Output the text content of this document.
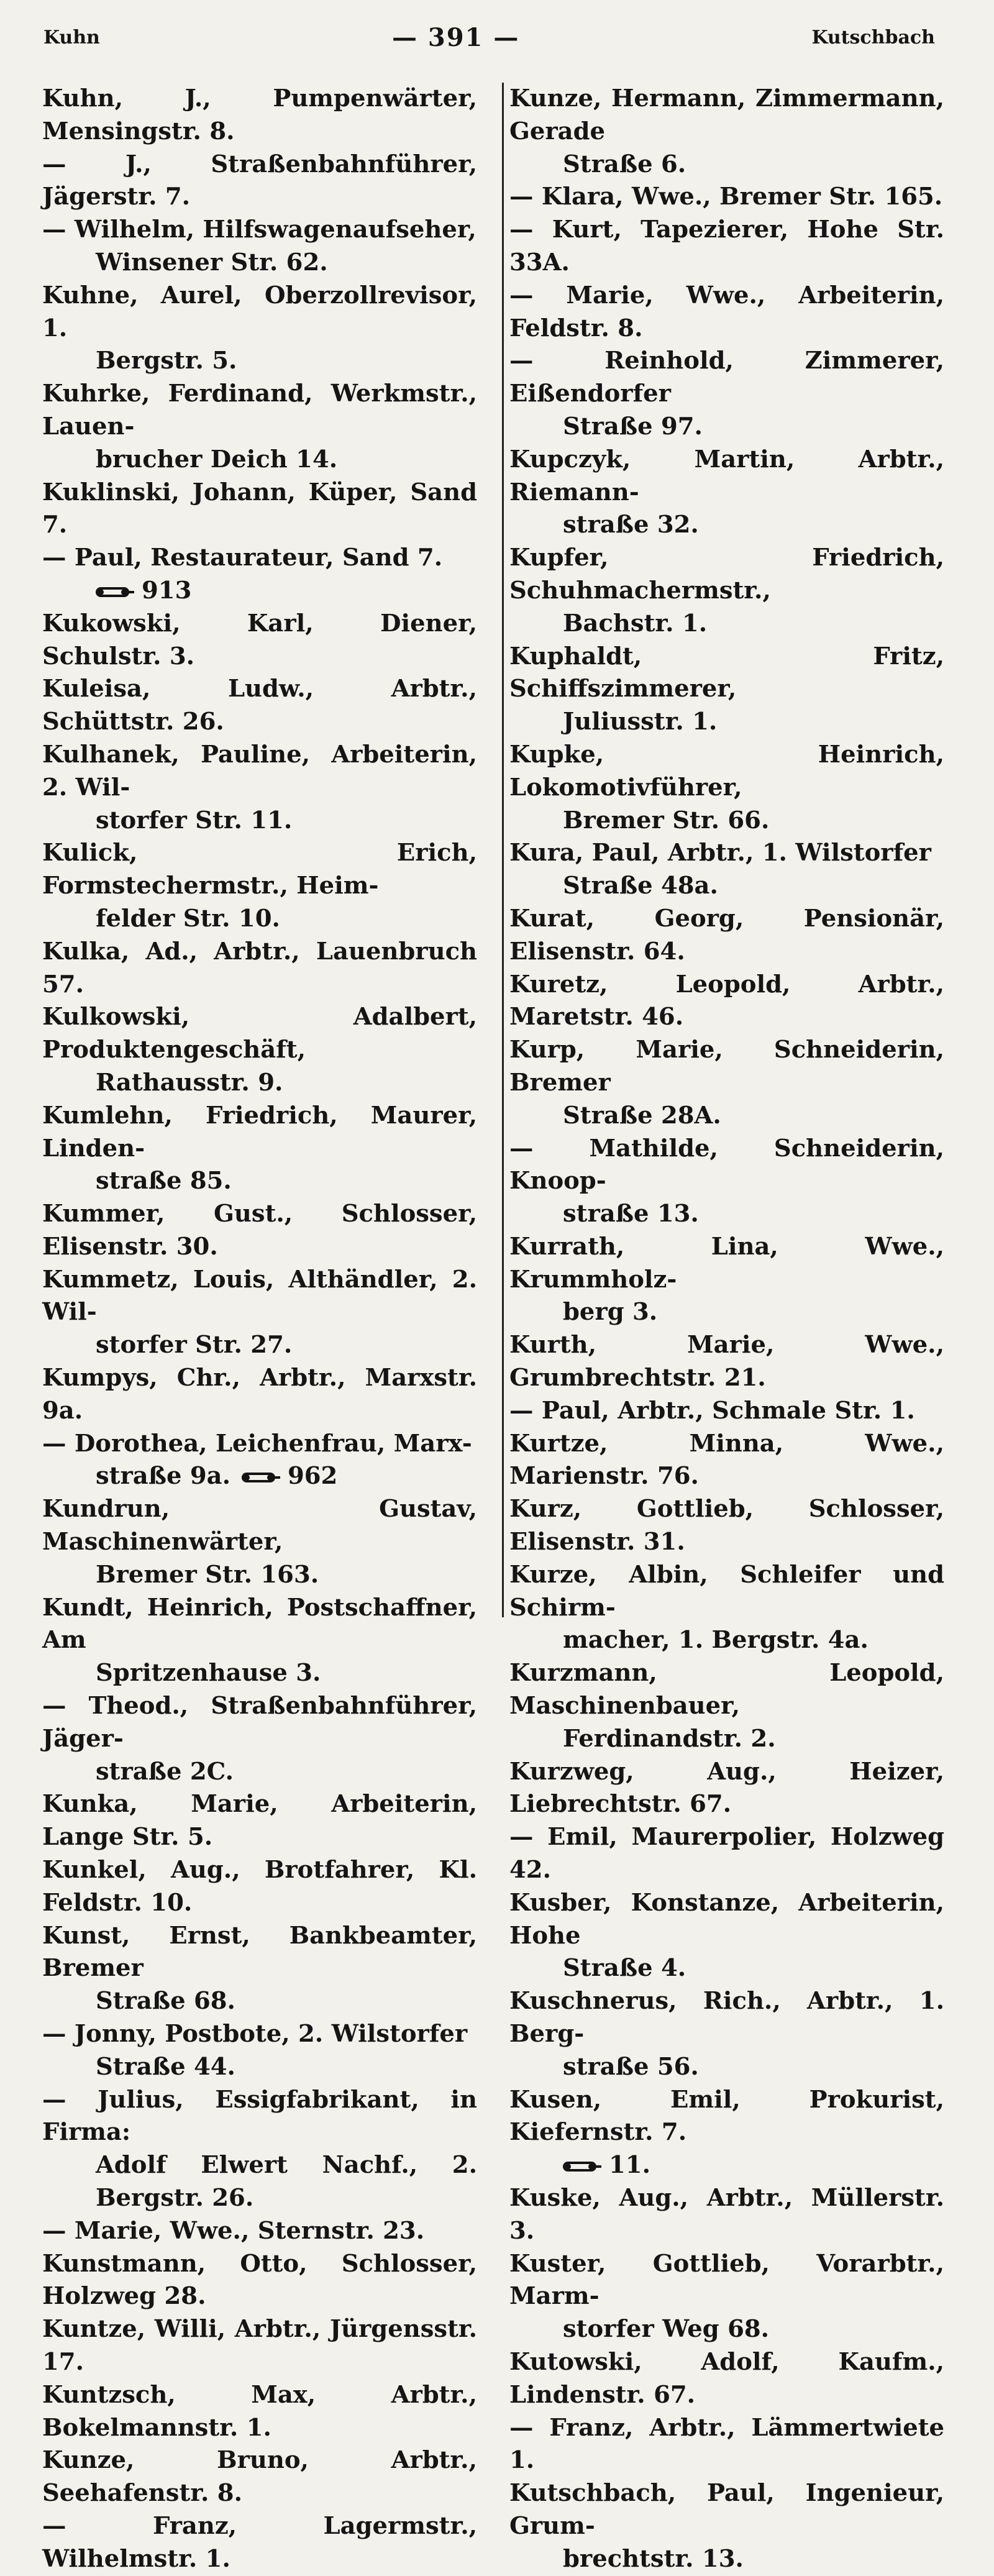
Kuhn	— 391 —	Kutschbach
Kuhn, J., Pumpenwärter, Mensingstr. 8.
— J., Straßenbahnführer, Jägerstr. 7.
— Wilhelm, Hilfswagenaufseher,
Winsener Str. 62.
Kuhne, Aurel, Oberzollrevisor, 1.
Bergstr. 5.
Kuhrke, Ferdinand, Werkmstr., Lauen-
brucher Deich 14.
Kuklinski, Johann, Küper, Sand 7.
— Paul, Restaurateur, Sand 7.
913
Kukowski, Karl, Diener, Schulstr. 3.
Kuleisa, Ludw., Arbtr., Schüttstr. 26.
Kulhanek, Pauline, Arbeiterin, 2. Wil-
storfer Str. 11.
Kulick, Erich, Formstechermstr., Heim-
felder Str. 10.
Kulka, Ad., Arbtr., Lauenbruch 57.
Kulkowski, Adalbert, Produktengeschäft,
Rathausstr. 9.
Kumlehn, Friedrich, Maurer, Linden-
straße 85.
Kummer, Gust., Schlosser, Elisenstr. 30.
Kummetz, Louis, Althändler, 2. Wil-
storfer Str. 27.
Kumpys, Chr., Arbtr., Marxstr. 9a.
— Dorothea, Leichenfrau, Marx-
straße 9a. 962
Kundrun, Gustav, Maschinenwärter,
Bremer Str. 163.
Kundt, Heinrich, Postschaffner, Am
Spritzenhause 3.
— Theod., Straßenbahnführer, Jäger-
straße 2C.
Kunka, Marie, Arbeiterin, Lange Str. 5.
Kunkel, Aug., Brotfahrer, Kl. Feldstr. 10.
Kunst, Ernst, Bankbeamter, Bremer
Straße 68.
— Jonny, Postbote, 2. Wilstorfer
Straße 44.
— Julius, Essigfabrikant, in Firma:
Adolf Elwert Nachf., 2. Bergstr. 26.
— Marie, Wwe., Sternstr. 23.
Kunstmann, Otto, Schlosser, Holzweg 28.
Kuntze, Willi, Arbtr., Jürgensstr. 17.
Kuntzsch, Max, Arbtr., Bokelmannstr. 1.
Kunze, Bruno, Arbtr., Seehafenstr. 8.
— Franz, Lagermstr., Wilhelmstr. 1.
Kunze, Hermann, Zimmermann, Gerade
Straße 6.
— Klara, Wwe., Bremer Str. 165.
— Kurt, Tapezierer, Hohe Str. 33A.
— Marie, Wwe., Arbeiterin, Feldstr. 8.
— Reinhold, Zimmerer, Eißendorfer
Straße 97.
Kupczyk, Martin, Arbtr., Riemann-
straße 32.
Kupfer, Friedrich, Schuhmachermstr.,
Bachstr. 1.
Kuphaldt, Fritz, Schiffszimmerer,
Juliusstr. 1.
Kupke, Heinrich, Lokomotivführer,
Bremer Str. 66.
Kura, Paul, Arbtr., 1. Wilstorfer
Straße 48a.
Kurat, Georg, Pensionär, Elisenstr. 64.
Kuretz, Leopold, Arbtr., Maretstr. 46.
Kurp, Marie, Schneiderin, Bremer
Straße 28A.
— Mathilde, Schneiderin, Knoop-
straße 13.
Kurrath, Lina, Wwe., Krummholz-
berg 3.
Kurth, Marie, Wwe., Grumbrechtstr. 21.
— Paul, Arbtr., Schmale Str. 1.
Kurtze, Minna, Wwe., Marienstr. 76.
Kurz, Gottlieb, Schlosser, Elisenstr. 31.
Kurze, Albin, Schleifer und Schirm-
macher, 1. Bergstr. 4a.
Kurzmann, Leopold, Maschinenbauer,
Ferdinandstr. 2.
Kurzweg, Aug., Heizer, Liebrechtstr. 67.
— Emil, Maurerpolier, Holzweg 42.
Kusber, Konstanze, Arbeiterin, Hohe
Straße 4.
Kuschnerus, Rich., Arbtr., 1. Berg-
straße 56.
Kusen, Emil, Prokurist, Kiefernstr. 7.
11.
Kuske, Aug., Arbtr., Müllerstr. 3.
Kuster, Gottlieb, Vorarbtr., Marm-
storfer Weg 68.
Kutowski, Adolf, Kaufm., Lindenstr. 67.
— Franz, Arbtr., Lämmertwiete 1.
Kutschbach, Paul, Ingenieur, Grum-
brechtstr. 13.
